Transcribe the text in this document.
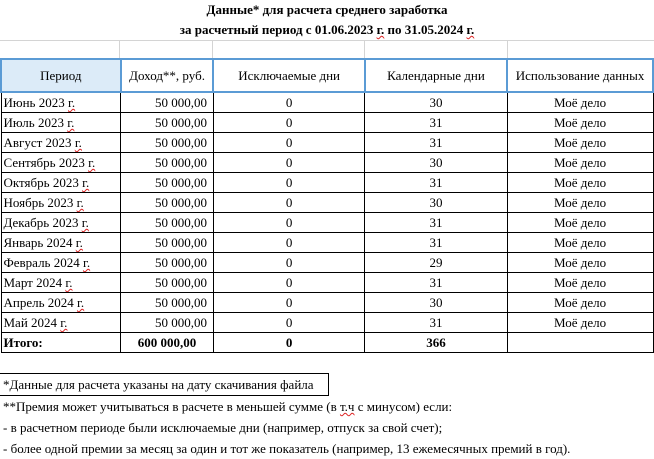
Данные* для расчета среднего заработка
за расчетный период с 01.06.2023 г. по 31.05.2024 г.
Период	Доход**, руб.	Исключаемые дни	Календарные дни	Использование данных
Июнь 2023 г.	50 000,00	0	30	Моё дело
Июль 2023 г.	50 000,00	0	31	Моё дело
Август 2023 г.	50 000,00	0	31	Моё дело
Сентябрь 2023 г.	50 000,00	0	30	Моё дело
Октябрь 2023 г.	50 000,00	0	31	Моё дело
Ноябрь 2023 г.	50 000,00	0	30	Моё дело
Декабрь 2023 г.	50 000,00	0	31	Моё дело
Январь 2024 г.	50 000,00	0	31	Моё дело
Февраль 2024 г.	50 000,00	0	29	Моё дело
Март 2024 г.	50 000,00	0	31	Моё дело
Апрель 2024 г.	50 000,00	0	30	Моё дело
Май 2024 г.	50 000,00	0	31	Моё дело
Итого:	600 000,00	0	366	
*Данные для расчета указаны на дату скачивания файла
**Премия может учитываться в расчете в меньшей сумме (в т.ч с минусом) если:
- в расчетном периоде были исключаемые дни (например, отпуск за свой счет);
- более одной премии за месяц за один и тот же показатель (например, 13 ежемесячных премий в год).
